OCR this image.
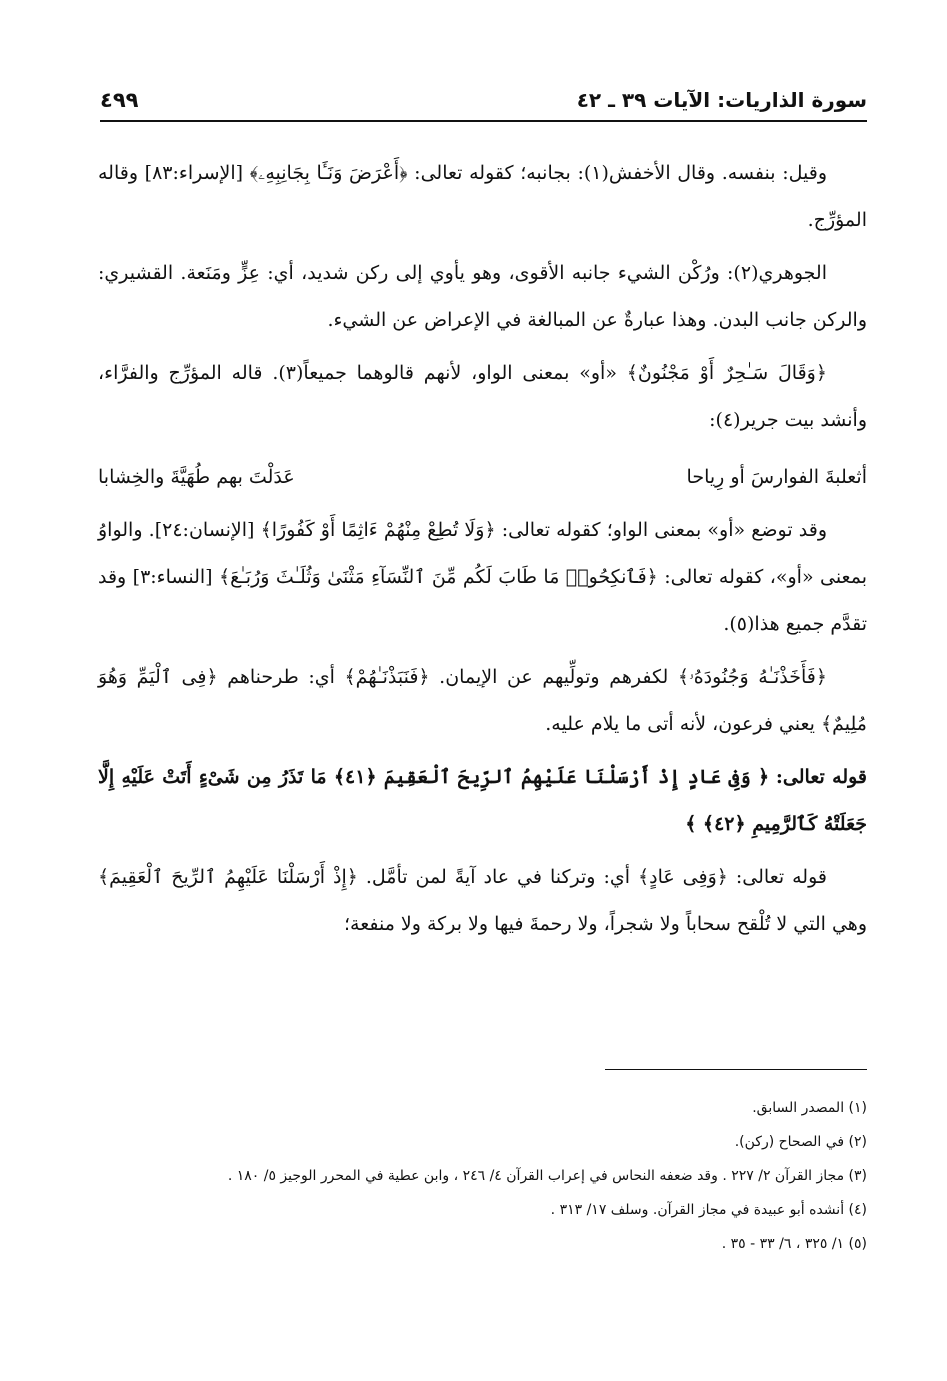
سورة الذاريات: الآيات ٣٩ ـ ٤٢
٤٩٩

وقيل: بنفسه. وقال الأخفش(١): بجانبه؛ كقوله تعالى: ﴿أَعْرَضَ وَنَـَٔا بِجَانِبِهِۦ﴾ [الإسراء:٨٣] وقاله المؤرِّج.

الجوهري(٢): ورُكْن الشيء جانبه الأقوى، وهو يأوي إلى ركن شديد، أي: عِزٍّ ومَنَعة. القشيري: والركن جانب البدن. وهذا عبارةٌ عن المبالغة في الإعراض عن الشيء.

﴿وَقَالَ سَـٰحِرٌ أَوْ مَجْنُونٌ﴾ «أو» بمعنى الواو، لأنهم قالوهما جميعاً(٣). قاله المؤرِّج والفرَّاء، وأنشد بيت جرير(٤):

أثعلبةَ الفوارسَ أو رِياحا
عَدَلْتَ بهم طُهَيَّةَ والخِشابا

وقد توضع «أو» بمعنى الواو؛ كقوله تعالى: ﴿وَلَا تُطِعْ مِنْهُمْ ءَاثِمًا أَوْ كَفُورًا﴾ [الإنسان:٢٤]. والواوُ بمعنى «أو»، كقوله تعالى: ﴿فَٱنكِحُوا۟ مَا طَابَ لَكُم مِّنَ ٱلنِّسَآءِ مَثْنَىٰ وَثُلَـٰثَ وَرُبَـٰعَ﴾ [النساء:٣] وقد تقدَّم جميع هذا(٥).

﴿فَأَخَذْنَـٰهُ وَجُنُودَهُۥ﴾ لكفرهم وتولِّيهم عن الإيمان. ﴿فَنَبَذْنَـٰهُمْ﴾ أي: طرحناهم ﴿فِى ٱلْيَمِّ وَهُوَ مُلِيمٌ﴾ يعني فرعون، لأنه أتى ما يلام عليه.

قوله تعالى: ﴿ وَفِى عَادٍ إِذْ أَرْسَلْنَا عَلَيْهِمُ ٱلرِّيحَ ٱلْعَقِيمَ ﴿٤١﴾ مَا تَذَرُ مِن شَىْءٍ أَتَتْ عَلَيْهِ إِلَّا جَعَلَتْهُ كَٱلرَّمِيمِ ﴿٤٢﴾ ﴾

قوله تعالى: ﴿وَفِى عَادٍ﴾ أي: وتركنا في عاد آيةً لمن تأمَّل. ﴿إِذْ أَرْسَلْنَا عَلَيْهِمُ ٱلرِّيحَ ٱلْعَقِيمَ﴾ وهي التي لا تُلْقح سحاباً ولا شجراً، ولا رحمةَ فيها ولا بركة ولا منفعة؛

(١) المصدر السابق.
(٢) في الصحاح (ركن).
(٣) مجاز القرآن ٢/ ٢٢٧ . وقد ضعفه النحاس في إعراب القرآن ٤/ ٢٤٦ ، وابن عطية في المحرر الوجيز ٥/ ١٨٠ .
(٤) أنشده أبو عبيدة في مجاز القرآن. وسلف ١٧/ ٣١٣ .
(٥) ١/ ٣٢٥ ، ٦/ ٣٣ - ٣٥ .
